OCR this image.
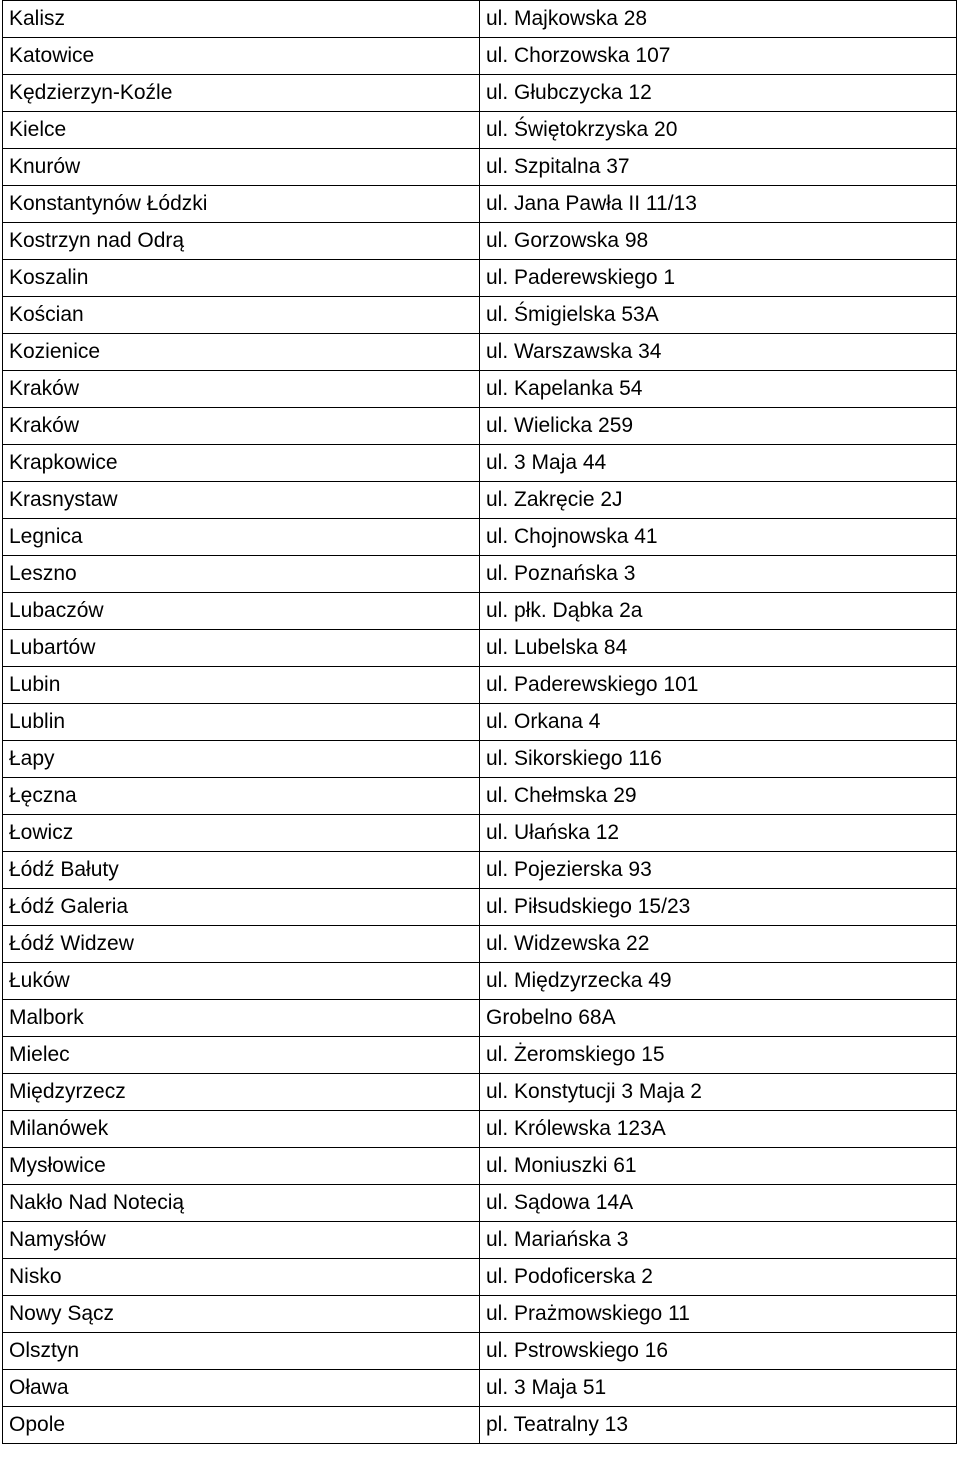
Kalisz	ul. Majkowska 28
Katowice	ul. Chorzowska 107
Kędzierzyn-Koźle	ul. Głubczycka 12
Kielce	ul. Świętokrzyska 20
Knurów	ul. Szpitalna 37
Konstantynów Łódzki	ul. Jana Pawła II 11/13
Kostrzyn nad Odrą	ul. Gorzowska 98
Koszalin	ul. Paderewskiego 1
Kościan	ul. Śmigielska 53A
Kozienice	ul. Warszawska 34
Kraków	ul. Kapelanka 54
Kraków	ul. Wielicka 259
Krapkowice	ul. 3 Maja 44
Krasnystaw	ul. Zakręcie 2J
Legnica	ul. Chojnowska 41
Leszno	ul. Poznańska 3
Lubaczów	ul. płk. Dąbka 2a
Lubartów	ul. Lubelska 84
Lubin	ul. Paderewskiego 101
Lublin	ul. Orkana 4
Łapy	ul. Sikorskiego 116
Łęczna	ul. Chełmska 29
Łowicz	ul. Ułańska 12
Łódź Bałuty	ul. Pojezierska 93
Łódź Galeria	ul. Piłsudskiego 15/23
Łódź Widzew	ul. Widzewska 22
Łuków	ul. Międzyrzecka 49
Malbork	Grobelno 68A
Mielec	ul. Żeromskiego 15
Międzyrzecz	ul. Konstytucji 3 Maja 2
Milanówek	ul. Królewska 123A
Mysłowice	ul. Moniuszki 61
Nakło Nad Notecią	ul. Sądowa 14A
Namysłów	ul. Mariańska 3
Nisko	ul. Podoficerska 2
Nowy Sącz	ul. Prażmowskiego 11
Olsztyn	ul. Pstrowskiego 16
Oława	ul. 3 Maja 51
Opole	pl. Teatralny 13
